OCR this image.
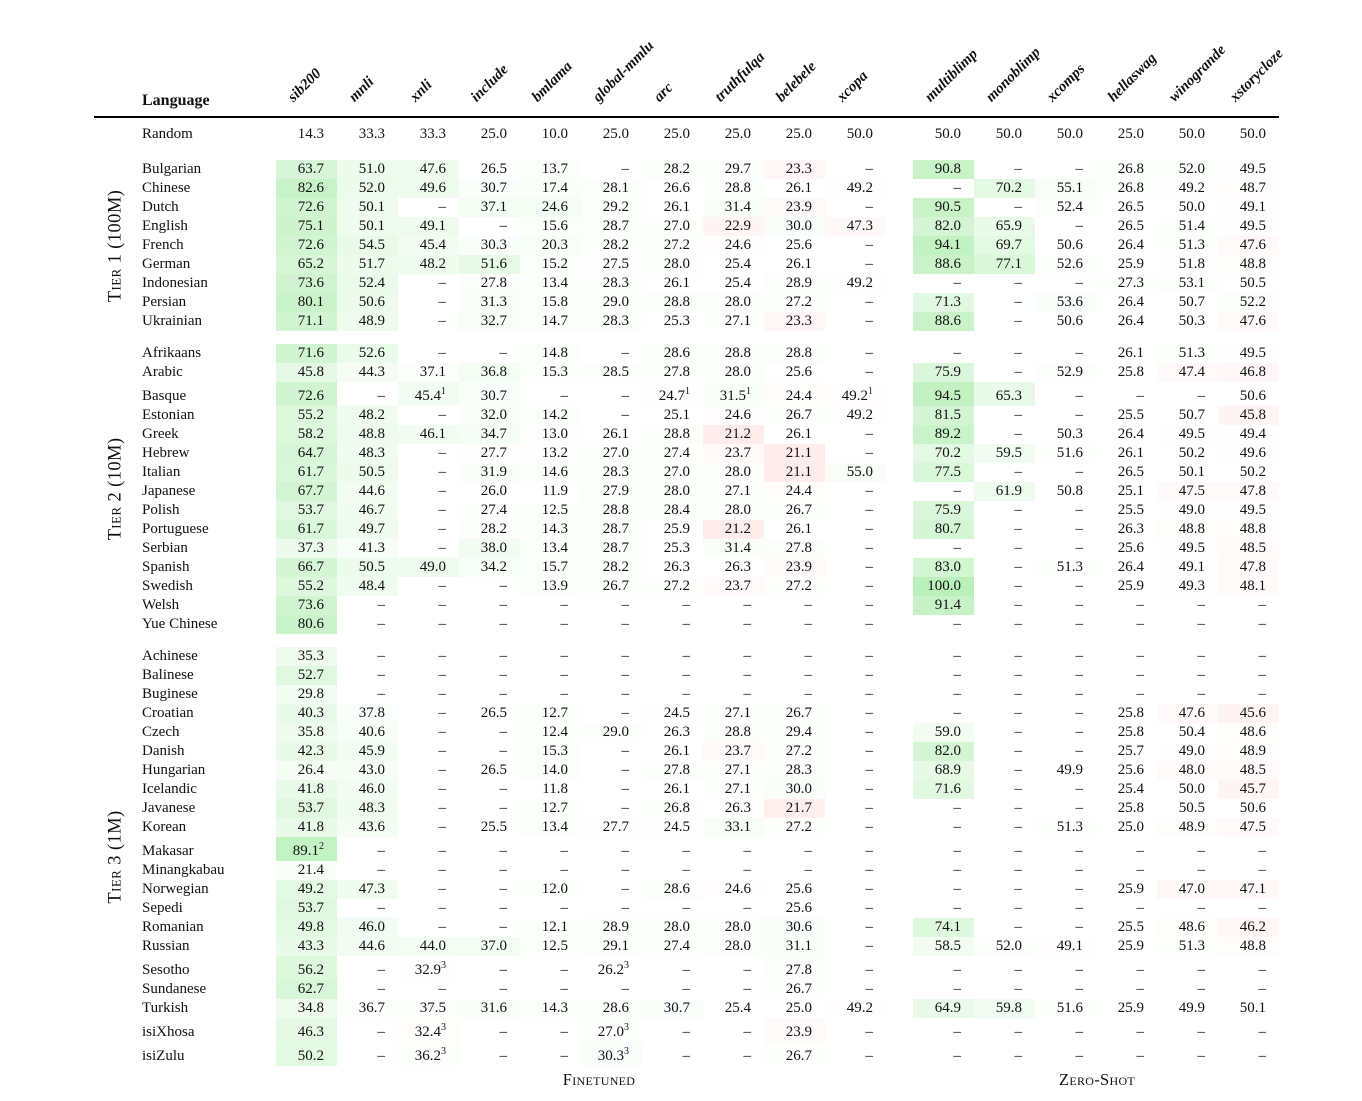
	Language	sib200	mnli	xnli	include	bmlama	global-mmlu	arc	truthfulqa	belebele	xcopa		multiblimp	monoblimp	xcomps	hellaswag	winogrande	xstorycloze

	Random	14.3	33.3	33.3	25.0	10.0	25.0	25.0	25.0	25.0	50.0		50.0	50.0	50.0	25.0	50.0	50.0

Tier 1 (100M)	Bulgarian	63.7	51.0	47.6	26.5	13.7	–	28.2	29.7	23.3	–		90.8	–	–	26.8	52.0	49.5
	Chinese	82.6	52.0	49.6	30.7	17.4	28.1	26.6	28.8	26.1	49.2		–	70.2	55.1	26.8	49.2	48.7
	Dutch	72.6	50.1	–	37.1	24.6	29.2	26.1	31.4	23.9	–		90.5	–	52.4	26.5	50.0	49.1
	English	75.1	50.1	49.1	–	15.6	28.7	27.0	22.9	30.0	47.3		82.0	65.9	–	26.5	51.4	49.5
	French	72.6	54.5	45.4	30.3	20.3	28.2	27.2	24.6	25.6	–		94.1	69.7	50.6	26.4	51.3	47.6
	German	65.2	51.7	48.2	51.6	15.2	27.5	28.0	25.4	26.1	–		88.6	77.1	52.6	25.9	51.8	48.8
	Indonesian	73.6	52.4	–	27.8	13.4	28.3	26.1	25.4	28.9	49.2		–	–	–	27.3	53.1	50.5
	Persian	80.1	50.6	–	31.3	15.8	29.0	28.8	28.0	27.2	–		71.3	–	53.6	26.4	50.7	52.2
	Ukrainian	71.1	48.9	–	32.7	14.7	28.3	25.3	27.1	23.3	–		88.6	–	50.6	26.4	50.3	47.6

Tier 2 (10M)	Afrikaans	71.6	52.6	–	–	14.8	–	28.6	28.8	28.8	–		–	–	–	26.1	51.3	49.5
	Arabic	45.8	44.3	37.1	36.8	15.3	28.5	27.8	28.0	25.6	–		75.9	–	52.9	25.8	47.4	46.8
	Basque	72.6	–	45.4$^1$	30.7	–	–	24.7$^1$	31.5$^1$	24.4	49.2$^1$		94.5	65.3	–	–	–	50.6
	Estonian	55.2	48.2	–	32.0	14.2	–	25.1	24.6	26.7	49.2		81.5	–	–	25.5	50.7	45.8
	Greek	58.2	48.8	46.1	34.7	13.0	26.1	28.8	21.2	26.1	–		89.2	–	50.3	26.4	49.5	49.4
	Hebrew	64.7	48.3	–	27.7	13.2	27.0	27.4	23.7	21.1	–		70.2	59.5	51.6	26.1	50.2	49.6
	Italian	61.7	50.5	–	31.9	14.6	28.3	27.0	28.0	21.1	55.0		77.5	–	–	26.5	50.1	50.2
	Japanese	67.7	44.6	–	26.0	11.9	27.9	28.0	27.1	24.4	–		–	61.9	50.8	25.1	47.5	47.8
	Polish	53.7	46.7	–	27.4	12.5	28.8	28.4	28.0	26.7	–		75.9	–	–	25.5	49.0	49.5
	Portuguese	61.7	49.7	–	28.2	14.3	28.7	25.9	21.2	26.1	–		80.7	–	–	26.3	48.8	48.8
	Serbian	37.3	41.3	–	38.0	13.4	28.7	25.3	31.4	27.8	–		–	–	–	25.6	49.5	48.5
	Spanish	66.7	50.5	49.0	34.2	15.7	28.2	26.3	26.3	23.9	–		83.0	–	51.3	26.4	49.1	47.8
	Swedish	55.2	48.4	–	–	13.9	26.7	27.2	23.7	27.2	–		100.0	–	–	25.9	49.3	48.1
	Welsh	73.6	–	–	–	–	–	–	–	–	–		91.4	–	–	–	–	–
	Yue Chinese	80.6	–	–	–	–	–	–	–	–	–		–	–	–	–	–	–

Tier 3 (1M)	Achinese	35.3	–	–	–	–	–	–	–	–	–		–	–	–	–	–	–
	Balinese	52.7	–	–	–	–	–	–	–	–	–		–	–	–	–	–	–
	Buginese	29.8	–	–	–	–	–	–	–	–	–		–	–	–	–	–	–
	Croatian	40.3	37.8	–	26.5	12.7	–	24.5	27.1	26.7	–		–	–	–	25.8	47.6	45.6
	Czech	35.8	40.6	–	–	12.4	29.0	26.3	28.8	29.4	–		59.0	–	–	25.8	50.4	48.6
	Danish	42.3	45.9	–	–	15.3	–	26.1	23.7	27.2	–		82.0	–	–	25.7	49.0	48.9
	Hungarian	26.4	43.0	–	26.5	14.0	–	27.8	27.1	28.3	–		68.9	–	49.9	25.6	48.0	48.5
	Icelandic	41.8	46.0	–	–	11.8	–	26.1	27.1	30.0	–		71.6	–	–	25.4	50.0	45.7
	Javanese	53.7	48.3	–	–	12.7	–	26.8	26.3	21.7	–		–	–	–	25.8	50.5	50.6
	Korean	41.8	43.6	–	25.5	13.4	27.7	24.5	33.1	27.2	–		–	–	51.3	25.0	48.9	47.5
	Makasar	89.1$^2$	–	–	–	–	–	–	–	–	–		–	–	–	–	–	–
	Minangkabau	21.4	–	–	–	–	–	–	–	–	–		–	–	–	–	–	–
	Norwegian	49.2	47.3	–	–	12.0	–	28.6	24.6	25.6	–		–	–	–	25.9	47.0	47.1
	Sepedi	53.7	–	–	–	–	–	–	–	25.6	–		–	–	–	–	–	–
	Romanian	49.8	46.0	–	–	12.1	28.9	28.0	28.0	30.6	–		74.1	–	–	25.5	48.6	46.2
	Russian	43.3	44.6	44.0	37.0	12.5	29.1	27.4	28.0	31.1	–		58.5	52.0	49.1	25.9	51.3	48.8
	Sesotho	56.2	–	32.9$^3$	–	–	26.2$^3$	–	–	27.8	–		–	–	–	–	–	–
	Sundanese	62.7	–	–	–	–	–	–	–	26.7	–		–	–	–	–	–	–
	Turkish	34.8	36.7	37.5	31.6	14.3	28.6	30.7	25.4	25.0	49.2		64.9	59.8	51.6	25.9	49.9	50.1
	isiXhosa	46.3	–	32.4$^3$	–	–	27.0$^3$	–	–	23.9	–		–	–	–	–	–	–
	isiZulu	50.2	–	36.2$^3$	–	–	30.3$^3$	–	–	26.7	–		–	–	–	–	–	–
Finetuned	Zero-Shot
